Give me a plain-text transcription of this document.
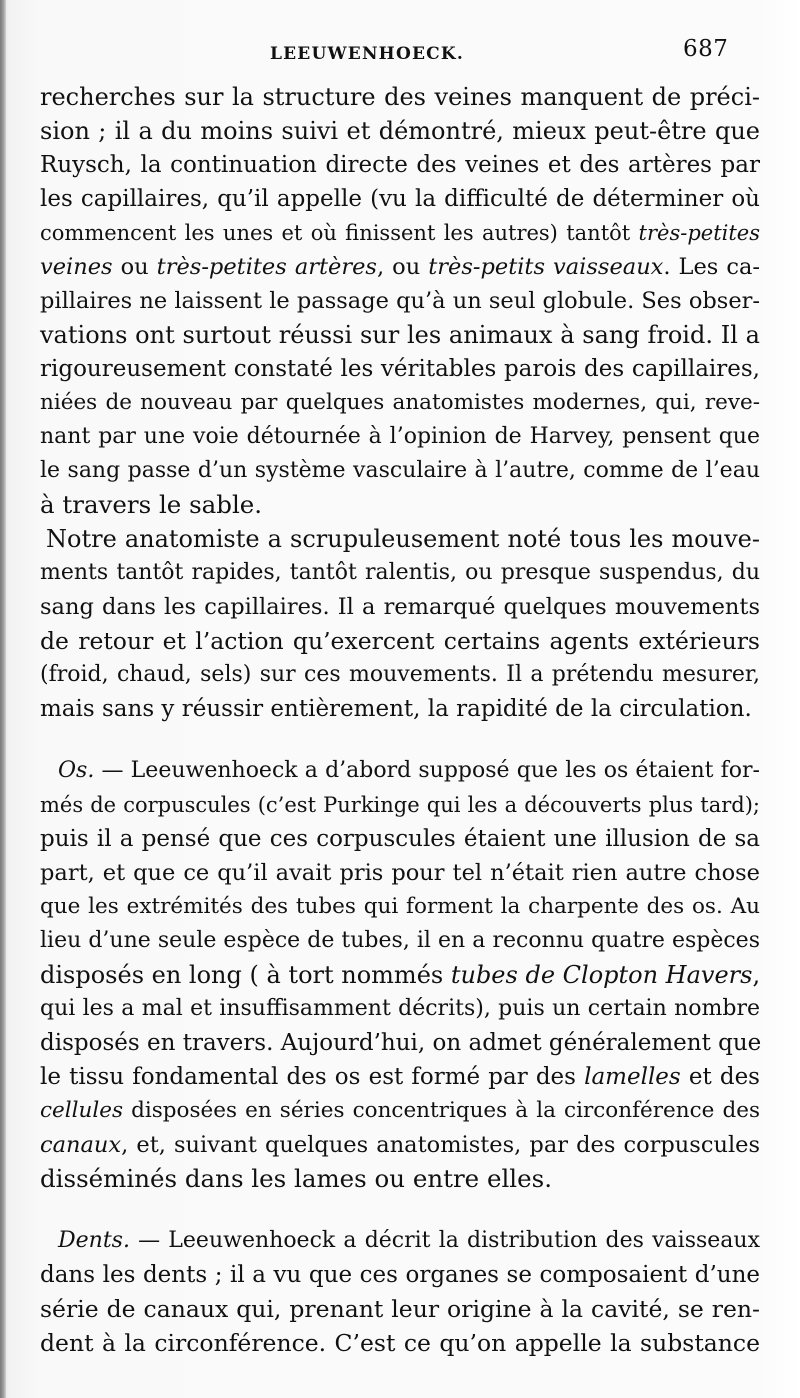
LEEUWENHOECK.	687
recherches sur la structure des veines manquent de préci-
sion ; il a du moins suivi et démontré, mieux peut-être que
Ruysch, la continuation directe des veines et des artères par
les capillaires, qu’il appelle (vu la difficulté de déterminer où
commencent les unes et où finissent les autres) tantôt très-petites
veines ou très-petites artères, ou très-petits vaisseaux. Les ca-
pillaires ne laissent le passage qu’à un seul globule. Ses obser-
vations ont surtout réussi sur les animaux à sang froid. Il a
rigoureusement constaté les véritables parois des capillaires,
niées de nouveau par quelques anatomistes modernes, qui, reve-
nant par une voie détournée à l’opinion de Harvey, pensent que
le sang passe d’un système vasculaire à l’autre, comme de l’eau
à travers le sable.
Notre anatomiste a scrupuleusement noté tous les mouve-
ments tantôt rapides, tantôt ralentis, ou presque suspendus, du
sang dans les capillaires. Il a remarqué quelques mouvements
de retour et l’action qu’exercent certains agents extérieurs
(froid, chaud, sels) sur ces mouvements. Il a prétendu mesurer,
mais sans y réussir entièrement, la rapidité de la circulation.
Os. — Leeuwenhoeck a d’abord supposé que les os étaient for-
més de corpuscules (c’est Purkinge qui les a découverts plus tard);
puis il a pensé que ces corpuscules étaient une illusion de sa
part, et que ce qu’il avait pris pour tel n’était rien autre chose
que les extrémités des tubes qui forment la charpente des os. Au
lieu d’une seule espèce de tubes, il en a reconnu quatre espèces
disposés en long ( à tort nommés tubes de Clopton Havers,
qui les a mal et insuffisamment décrits), puis un certain nombre
disposés en travers. Aujourd’hui, on admet généralement que
le tissu fondamental des os est formé par des lamelles et des
cellules disposées en séries concentriques à la circonférence des
canaux, et, suivant quelques anatomistes, par des corpuscules
disséminés dans les lames ou entre elles.
Dents. — Leeuwenhoeck a décrit la distribution des vaisseaux
dans les dents ; il a vu que ces organes se composaient d’une
série de canaux qui, prenant leur origine à la cavité, se ren-
dent à la circonférence. C’est ce qu’on appelle la substance
